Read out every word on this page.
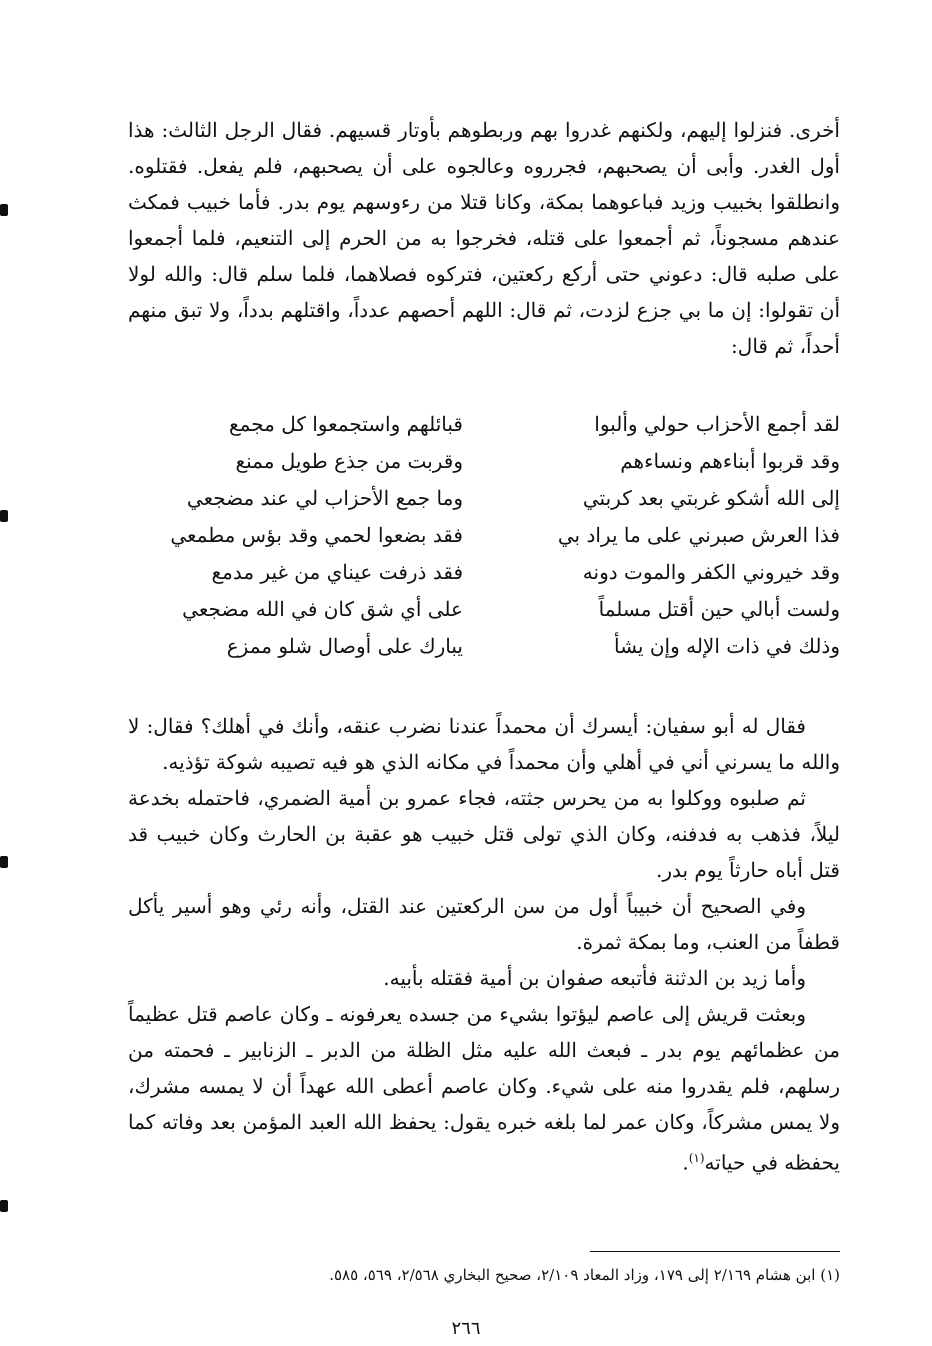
أخرى. فنزلوا إليهم، ولكنهم غدروا بهم وربطوهم بأوتار قسيهم. فقال الرجل الثالث: هذا أول الغدر. وأبى أن يصحبهم، فجرروه وعالجوه على أن يصحبهم، فلم يفعل. فقتلوه. وانطلقوا بخبيب وزيد فباعوهما بمكة، وكانا قتلا من رءوسهم يوم بدر. فأما خبيب فمكث عندهم مسجوناً، ثم أجمعوا على قتله، فخرجوا به من الحرم إلى التنعيم، فلما أجمعوا على صلبه قال: دعوني حتى أركع ركعتين، فتركوه فصلاهما، فلما سلم قال: والله لولا أن تقولوا: إن ما بي جزع لزدت، ثم قال: اللهم أحصهم عدداً، واقتلهم بدداً، ولا تبق منهم أحداً، ثم قال:

لقد أجمع الأحزاب حولي وألبوا
قبائلهم واستجمعوا كل مجمع
وقد قربوا أبناءهم ونساءهم
وقربت من جذع طويل ممنع
إلى الله أشكو غربتي بعد كربتي
وما جمع الأحزاب لي عند مضجعي
فذا العرش صبرني على ما يراد بي
فقد بضعوا لحمي وقد بؤس مطمعي
وقد خيروني الكفر والموت دونه
فقد ذرفت عيناي من غير مدمع
ولست أبالي حين أقتل مسلماً
على أي شق كان في الله مضجعي
وذلك في ذات الإله وإن يشأ
يبارك على أوصال شلو ممزع

فقال له أبو سفيان: أيسرك أن محمداً عندنا نضرب عنقه، وأنك في أهلك؟ فقال: لا والله ما يسرني أني في أهلي وأن محمداً في مكانه الذي هو فيه تصيبه شوكة تؤذيه.

ثم صلبوه ووكلوا به من يحرس جثته، فجاء عمرو بن أمية الضمري، فاحتمله بخدعة ليلاً، فذهب به فدفنه، وكان الذي تولى قتل خبيب هو عقبة بن الحارث وكان خبيب قد قتل أباه حارثاً يوم بدر.

وفي الصحيح أن خبيباً أول من سن الركعتين عند القتل، وأنه رئي وهو أسير يأكل قطفاً من العنب، وما بمكة ثمرة.

وأما زيد بن الدثنة فأتبعه صفوان بن أمية فقتله بأبيه.

وبعثت قريش إلى عاصم ليؤتوا بشيء من جسده يعرفونه ـ وكان عاصم قتل عظيماً من عظمائهم يوم بدر ـ فبعث الله عليه مثل الظلة من الدبر ـ الزنابير ـ فحمته من رسلهم، فلم يقدروا منه على شيء. وكان عاصم أعطى الله عهداً أن لا يمسه مشرك، ولا يمس مشركاً، وكان عمر لما بلغه خبره يقول: يحفظ الله العبد المؤمن بعد وفاته كما يحفظه في حياته$^{(١)}$.

(١) ابن هشام ٢/١٦٩ إلى ١٧٩، وزاد المعاد ٢/١٠٩، صحيح البخاري ٢/٥٦٨، ٥٦٩، ٥٨٥.
٢٦٦
